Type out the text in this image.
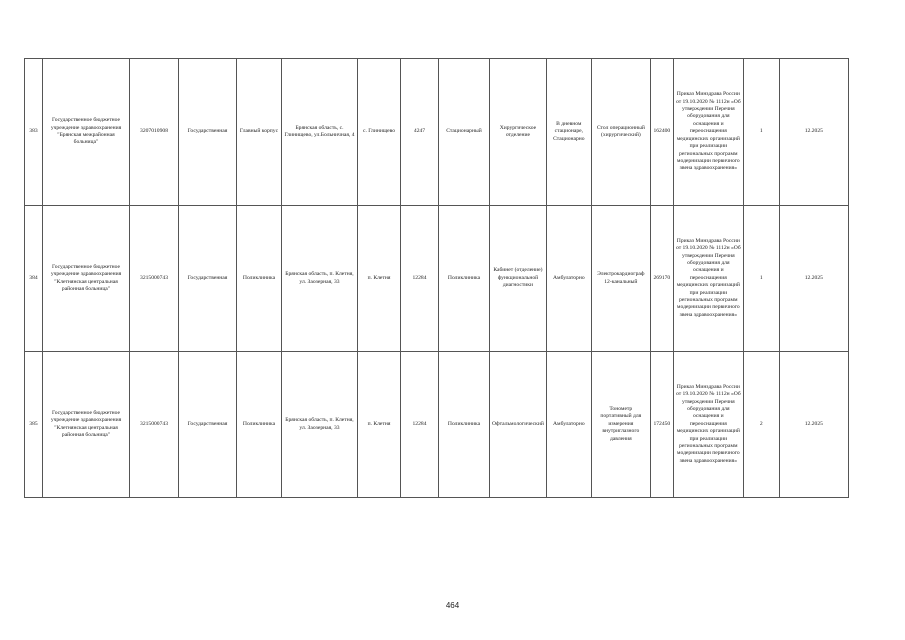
383	Государственное бюджетное учреждение здравоохранения "Брянская межрайонная больница"	3207010908	Государственная	Главный корпус	Брянская область, с. Глинищево, ул.Больничная, 4	с. Глинищево	4247	Стационарный	Хирургическое отделение	В дневном стационаре, Стационарно	Стол операционный (хирургический)	162400	Приказ Минздрава России от 19.10.2020 № 1112н «Об утверждении Перечня оборудования для оснащения и переоснащения медицинских организаций при реализации региональных программ модернизации первичного звена здравоохранения»	1	12.2025
384	Государственное бюджетное учреждение здравоохранения "Клетнянская центральная районная больница"	3215000743	Государственная	Поликлиника	Брянская область, п. Клетня, ул. Заозерная, 33	п. Клетня	12284	Поликлиника	Кабинет (отделение) функциональной диагностики	Амбулаторно	Электрокардиограф 12-канальный	269170	Приказ Минздрава России от 19.10.2020 № 1112н «Об утверждении Перечня оборудования для оснащения и переоснащения медицинских организаций при реализации региональных программ модернизации первичного звена здравоохранения»	1	12.2025
385	Государственное бюджетное учреждение здравоохранения "Клетнянская центральная районная больница"	3215000743	Государственная	Поликлиника	Брянская область, п. Клетня, ул. Заозерная, 33	п. Клетня	12284	Поликлиника	Офтальмологический	Амбулаторно	Тонометр портативный для измерения внутриглазного давления	172450	Приказ Минздрава России от 19.10.2020 № 1112н «Об утверждении Перечня оборудования для оснащения и переоснащения медицинских организаций при реализации региональных программ модернизации первичного звена здравоохранения»	2	12.2025
464
